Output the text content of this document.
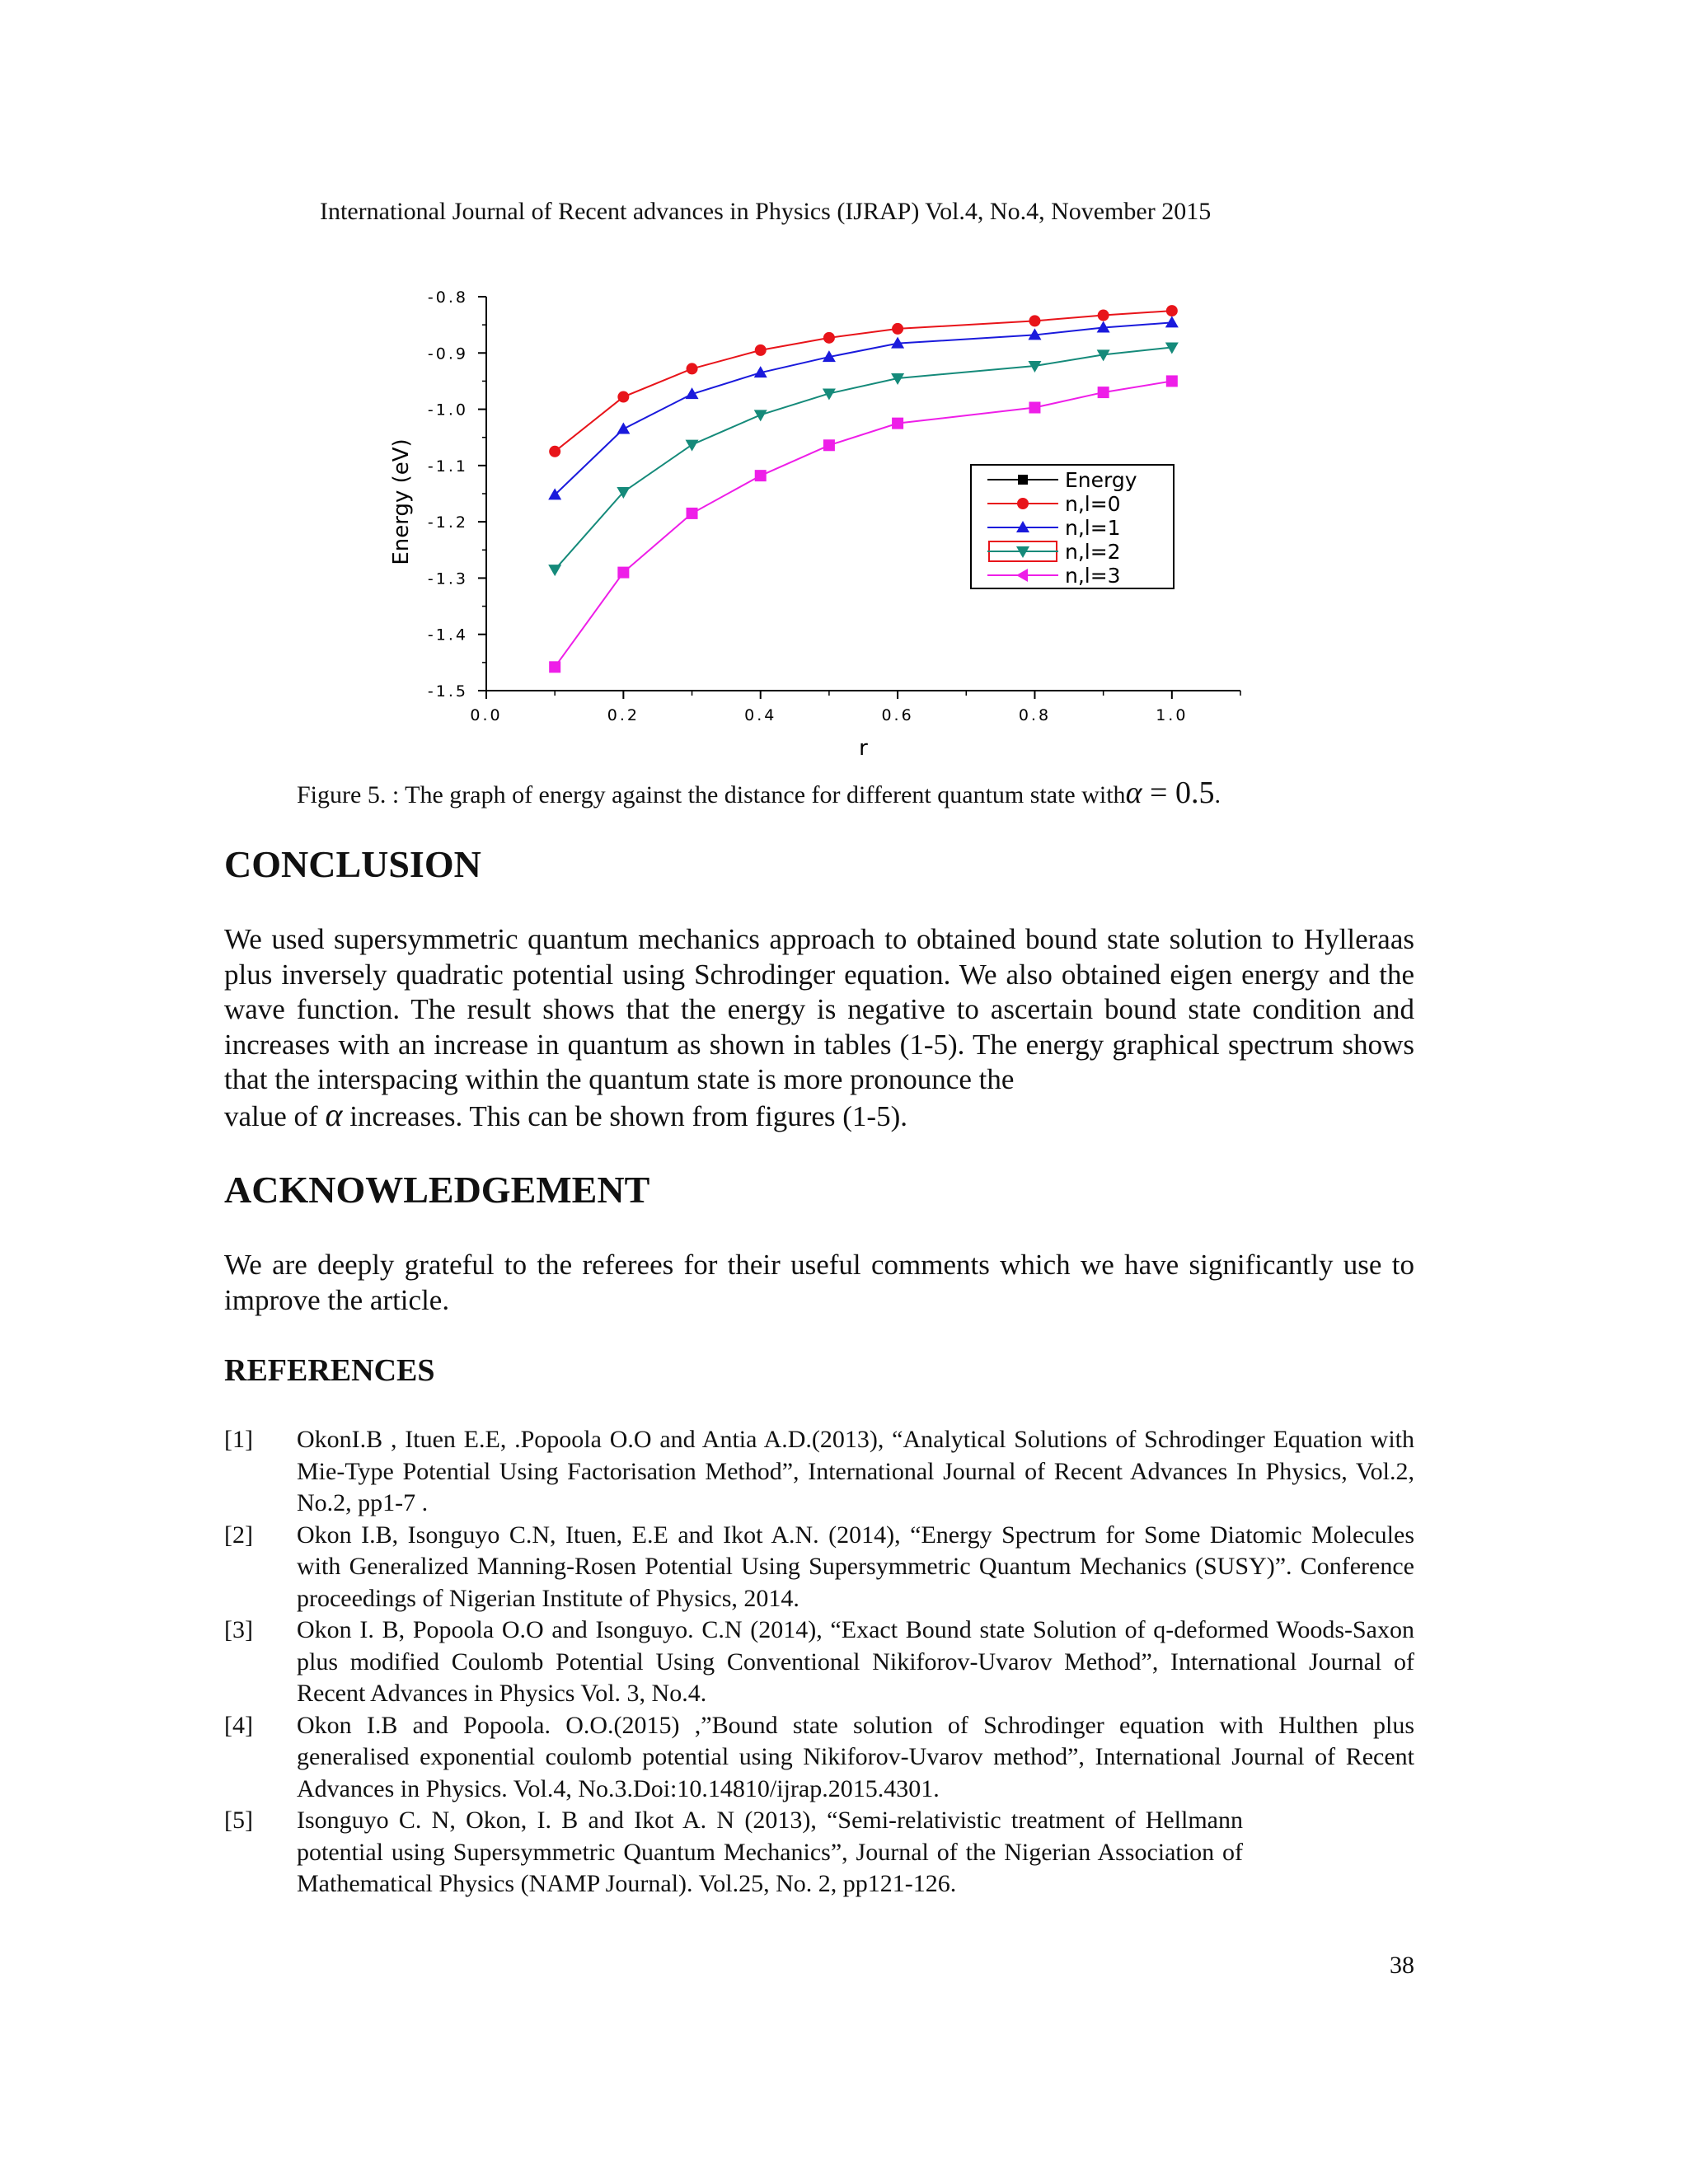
International Journal of Recent advances in Physics (IJRAP) Vol.4, No.4, November 2015
-0.8
-0.9
-1.0
-1.1
-1.2
-1.3
-1.4
-1.5
0.0	0.2	0.4	0.6	0.8	1.0
r
Energy (eV)	Energy
n,l=0
n,l=1
n,l=2
n,l=3
Figure 5. : The graph of energy against the distance for different quantum state withα = 0.5.
CONCLUSION

We used supersymmetric quantum mechanics approach to obtained bound state solution to Hylleraas plus inversely quadratic potential using Schrodinger equation. We also obtained eigen energy and the wave function. The result shows that the energy is negative to ascertain bound state condition and increases with an increase in quantum as shown in tables (1-5). The energy graphical spectrum shows that the interspacing within the quantum state is more pronounce the

value of α increases. This can be shown from figures (1-5).

ACKNOWLEDGEMENT

We are deeply grateful to the referees for their useful comments which we have significantly use to improve the article.

REFERENCES
[1]	OkonI.B , Ituen E.E, .Popoola O.O and Antia A.D.(2013), “Analytical Solutions of Schrodinger Equation with Mie-Type Potential Using Factorisation Method”, International Journal of Recent Advances In Physics, Vol.2, No.2, pp1-7 .
[2]	Okon I.B, Isonguyo C.N, Ituen, E.E and Ikot A.N. (2014), “Energy Spectrum for Some Diatomic Molecules with Generalized Manning-Rosen Potential Using Supersymmetric Quantum Mechanics (SUSY)”. Conference proceedings of Nigerian Institute of Physics, 2014.
[3]	Okon I. B, Popoola O.O and Isonguyo. C.N (2014), “Exact Bound state Solution of q-deformed Woods-Saxon plus modified Coulomb Potential Using Conventional Nikiforov-Uvarov Method”, International Journal of Recent Advances in Physics Vol. 3, No.4.
[4]	Okon I.B and Popoola. O.O.(2015) ,”Bound state solution of Schrodinger equation with Hulthen plus generalised exponential coulomb potential using Nikiforov-Uvarov method”, International Journal of Recent Advances in Physics. Vol.4, No.3.Doi:10.14810/ijrap.2015.4301.
[5]	Isonguyo C. N, Okon, I. B and Ikot A. N (2013), “Semi-relativistic treatment of Hellmann potential using Supersymmetric Quantum Mechanics”, Journal of the Nigerian Association of Mathematical Physics (NAMP Journal). Vol.25, No. 2, pp121-126.
38
